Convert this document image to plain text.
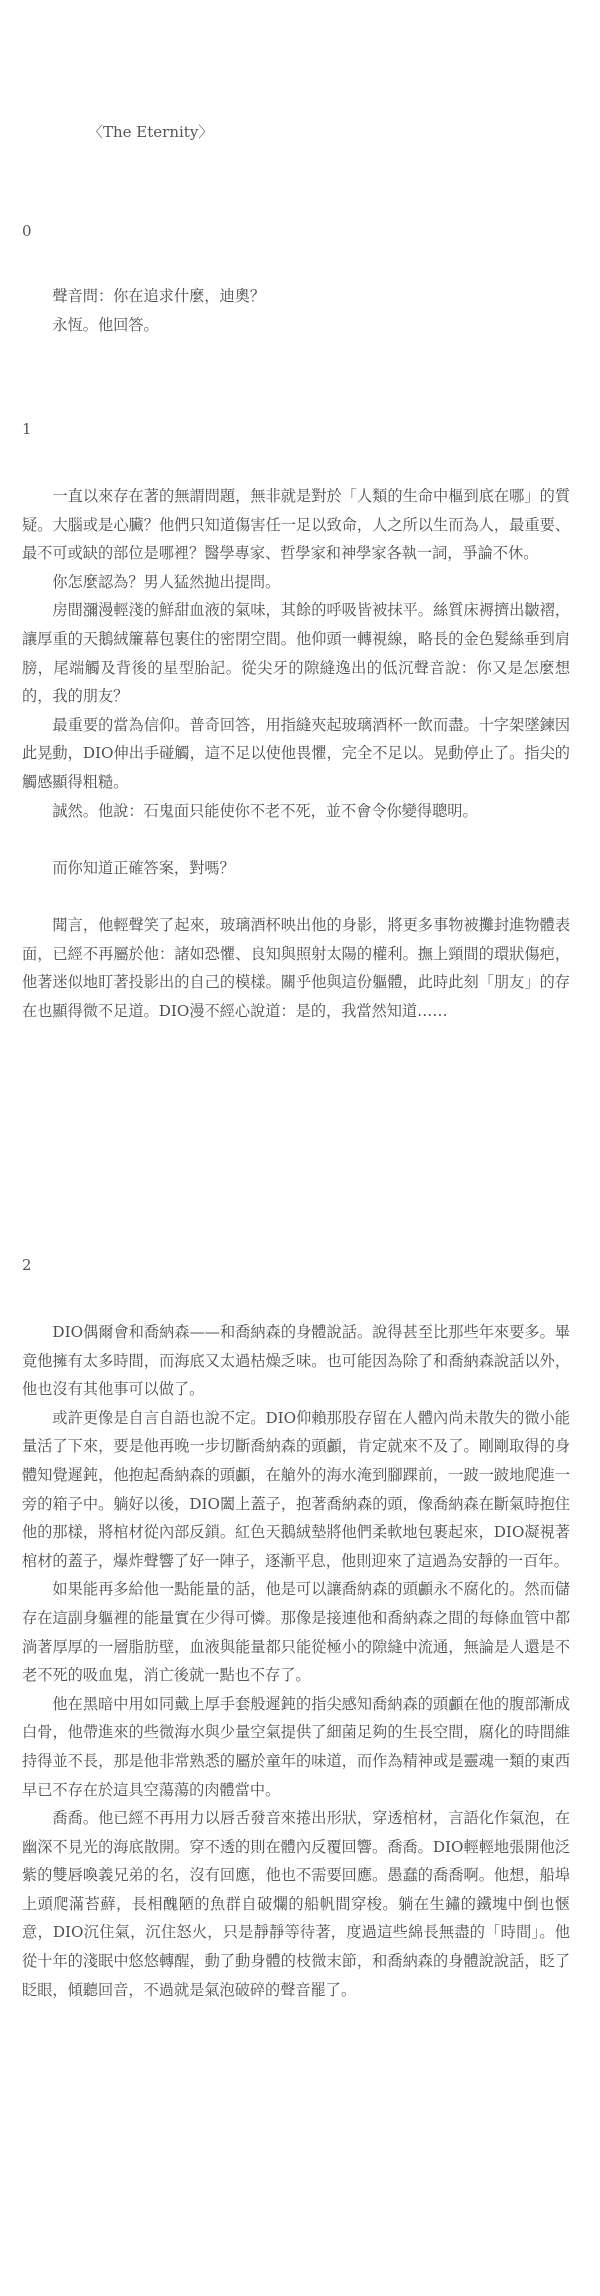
〈The Eternity〉
0

聲音問：你在追求什麼，迪奧？

永恆。他回答。

1

一直以來存在著的無謂問題，無非就是對於「人類的生命中樞到底在哪」的質疑。大腦或是心臟？他們只知道傷害任一足以致命，人之所以生而為人，最重要、最不可或缺的部位是哪裡？醫學專家、哲學家和神學家各執一詞，爭論不休。

你怎麼認為？男人猛然拋出提問。

房間瀰漫輕淺的鮮甜血液的氣味，其餘的呼吸皆被抹平。絲質床褥擠出皺褶，讓厚重的天鵝絨簾幕包裹住的密閉空間。他仰頭一轉視線，略長的金色髮絲垂到肩膀，尾端觸及背後的星型胎記。從尖牙的隙縫逸出的低沉聲音說：你又是怎麼想的，我的朋友？

最重要的當為信仰。普奇回答，用指縫夾起玻璃酒杯一飲而盡。十字架墜鍊因此晃動，DIO伸出手碰觸，這不足以使他畏懼，完全不足以。晃動停止了。指尖的觸感顯得粗糙。

誠然。他說：石鬼面只能使你不老不死，並不會令你變得聰明。

而你知道正確答案，對嗎？

聞言，他輕聲笑了起來，玻璃酒杯映出他的身影，將更多事物被攤封進物體表面，已經不再屬於他：諸如恐懼、良知與照射太陽的權利。撫上頸間的環狀傷疤，他著迷似地盯著投影出的自己的模樣。關乎他與這份軀體，此時此刻「朋友」的存在也顯得微不足道。DIO漫不經心說道：是的，我當然知道……

2

DIO偶爾會和喬納森——和喬納森的身體說話。說得甚至比那些年來要多。畢竟他擁有太多時間，而海底又太過枯燥乏味。也可能因為除了和喬納森說話以外，他也沒有其他事可以做了。

或許更像是自言自語也說不定。DIO仰賴那股存留在人體內尚未散失的微小能量活了下來，要是他再晚一步切斷喬納森的頭顱，肯定就來不及了。剛剛取得的身體知覺遲鈍，他抱起喬納森的頭顱，在艙外的海水淹到腳踝前，一跛一跛地爬進一旁的箱子中。躺好以後，DIO闔上蓋子，抱著喬納森的頭，像喬納森在斷氣時抱住他的那樣，將棺材從內部反鎖。紅色天鵝絨墊將他們柔軟地包裹起來，DIO凝視著棺材的蓋子，爆炸聲響了好一陣子，逐漸平息，他則迎來了這過為安靜的一百年。

如果能再多給他一點能量的話，他是可以讓喬納森的頭顱永不腐化的。然而儲存在這副身軀裡的能量實在少得可憐。那像是接連他和喬納森之間的每條血管中都淌著厚厚的一層脂肪壁，血液與能量都只能從極小的隙縫中流通，無論是人還是不老不死的吸血鬼，消亡後就一點也不存了。

他在黑暗中用如同戴上厚手套般遲鈍的指尖感知喬納森的頭顱在他的腹部漸成白骨，他帶進來的些微海水與少量空氣提供了細菌足夠的生長空間，腐化的時間維持得並不長，那是他非常熟悉的屬於童年的味道，而作為精神或是靈魂一類的東西早已不存在於這具空蕩蕩的肉體當中。

喬喬。他已經不再用力以唇舌發音來捲出形狀，穿透棺材，言語化作氣泡，在幽深不見光的海底散開。穿不透的則在體內反覆回響。喬喬。DIO輕輕地張開他泛紫的雙唇喚義兄弟的名，沒有回應，他也不需要回應。愚蠢的喬喬啊。他想，船埠上頭爬滿苔蘚，長相醜陋的魚群自破爛的船帆間穿梭。躺在生鏽的鐵塊中倒也愜意，DIO沉住氣，沉住怒火，只是靜靜等待著，度過這些綿長無盡的「時間」。他從十年的淺眠中悠悠轉醒，動了動身體的枝微末節，和喬納森的身體說說話，眨了眨眼，傾聽回音，不過就是氣泡破碎的聲音罷了。
